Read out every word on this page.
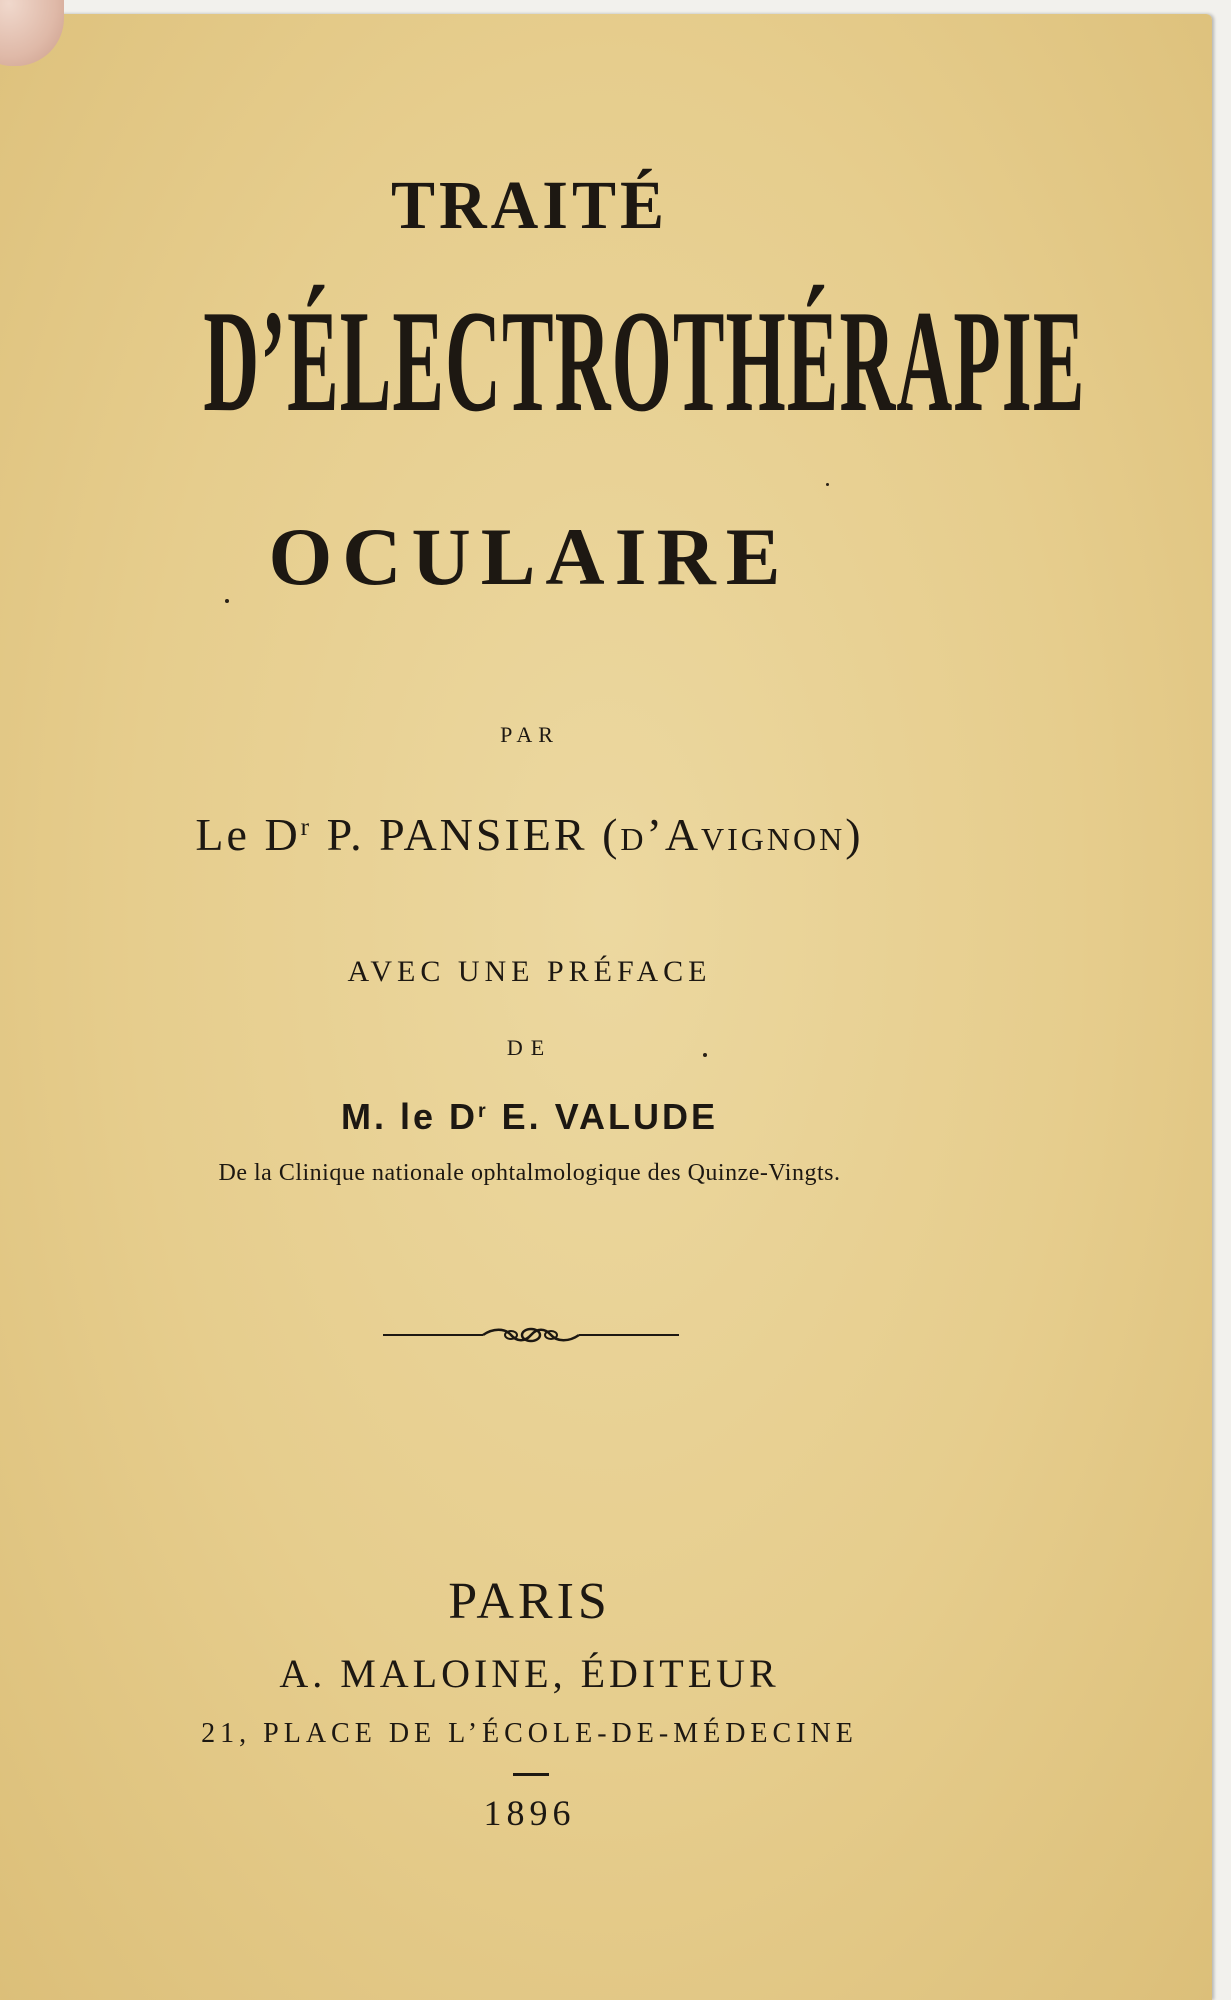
TRAITÉ

D’ÉLECTROTHÉRAPIE

OCULAIRE

PAR

Le $D^r$ P. PANSIER (d’Avignon)

AVEC UNE PRÉFACE

DE

M. le $D^r$ E. VALUDE

De la Clinique nationale ophtalmologique des Quinze-Vingts.

PARIS

A. MALOINE, ÉDITEUR

21, PLACE DE L’ÉCOLE-DE-MÉDECINE

1896
